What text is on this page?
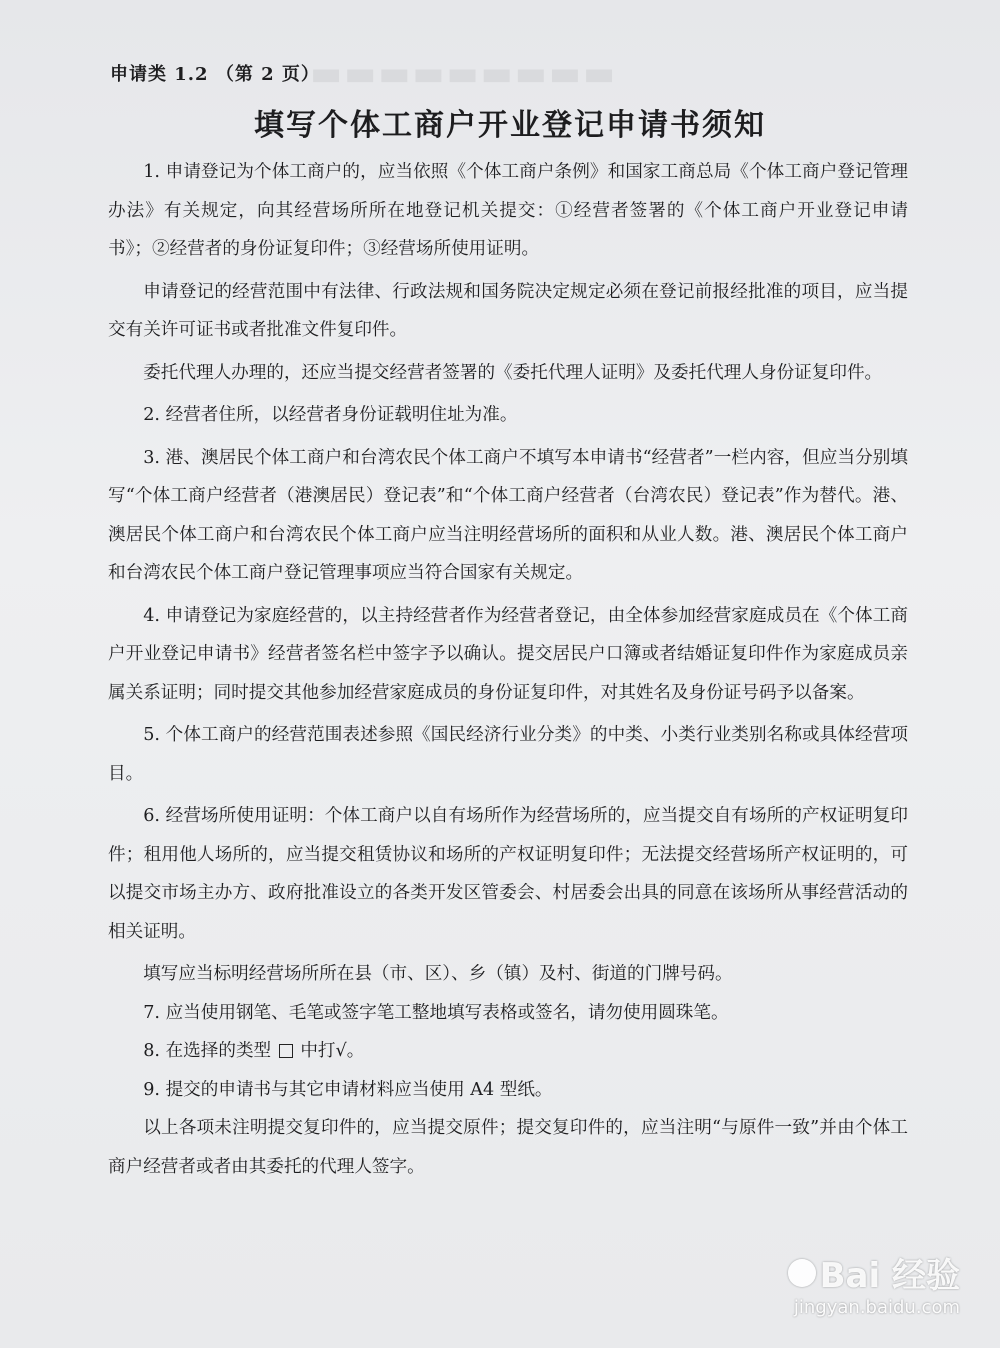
▬▬▬▬▬▬▬▬▬
申请类 1.2 （第 2 页）
填写个体工商户开业登记申请书须知

1. 申请登记为个体工商户的，应当依照《个体工商户条例》和国家工商总局《个体工商户登记管理办法》有关规定，向其经营场所所在地登记机关提交：①经营者签署的《个体工商户开业登记申请书》；②经营者的身份证复印件；③经营场所使用证明。

申请登记的经营范围中有法律、行政法规和国务院决定规定必须在登记前报经批准的项目，应当提交有关许可证书或者批准文件复印件。

委托代理人办理的，还应当提交经营者签署的《委托代理人证明》及委托代理人身份证复印件。

2. 经营者住所，以经营者身份证载明住址为准。

3. 港、澳居民个体工商户和台湾农民个体工商户不填写本申请书“经营者”一栏内容，但应当分别填写“个体工商户经营者（港澳居民）登记表”和“个体工商户经营者（台湾农民）登记表”作为替代。港、澳居民个体工商户和台湾农民个体工商户应当注明经营场所的面积和从业人数。港、澳居民个体工商户和台湾农民个体工商户登记管理事项应当符合国家有关规定。

4. 申请登记为家庭经营的，以主持经营者作为经营者登记，由全体参加经营家庭成员在《个体工商户开业登记申请书》经营者签名栏中签字予以确认。提交居民户口簿或者结婚证复印件作为家庭成员亲属关系证明；同时提交其他参加经营家庭成员的身份证复印件，对其姓名及身份证号码予以备案。

5. 个体工商户的经营范围表述参照《国民经济行业分类》的中类、小类行业类别名称或具体经营项目。

6. 经营场所使用证明：个体工商户以自有场所作为经营场所的，应当提交自有场所的产权证明复印件；租用他人场所的，应当提交租赁协议和场所的产权证明复印件；无法提交经营场所产权证明的，可以提交市场主办方、政府批准设立的各类开发区管委会、村居委会出具的同意在该场所从事经营活动的相关证明。

填写应当标明经营场所所在县（市、区）、乡（镇）及村、街道的门牌号码。

7. 应当使用钢笔、毛笔或签字笔工整地填写表格或签名，请勿使用圆珠笔。

8. 在选择的类型 中打√。

9. 提交的申请书与其它申请材料应当使用 A4 型纸。

以上各项未注明提交复印件的，应当提交原件；提交复印件的，应当注明“与原件一致”并由个体工商户经营者或者由其委托的代理人签字。

Bai 经验
jingyan.baidu.com
